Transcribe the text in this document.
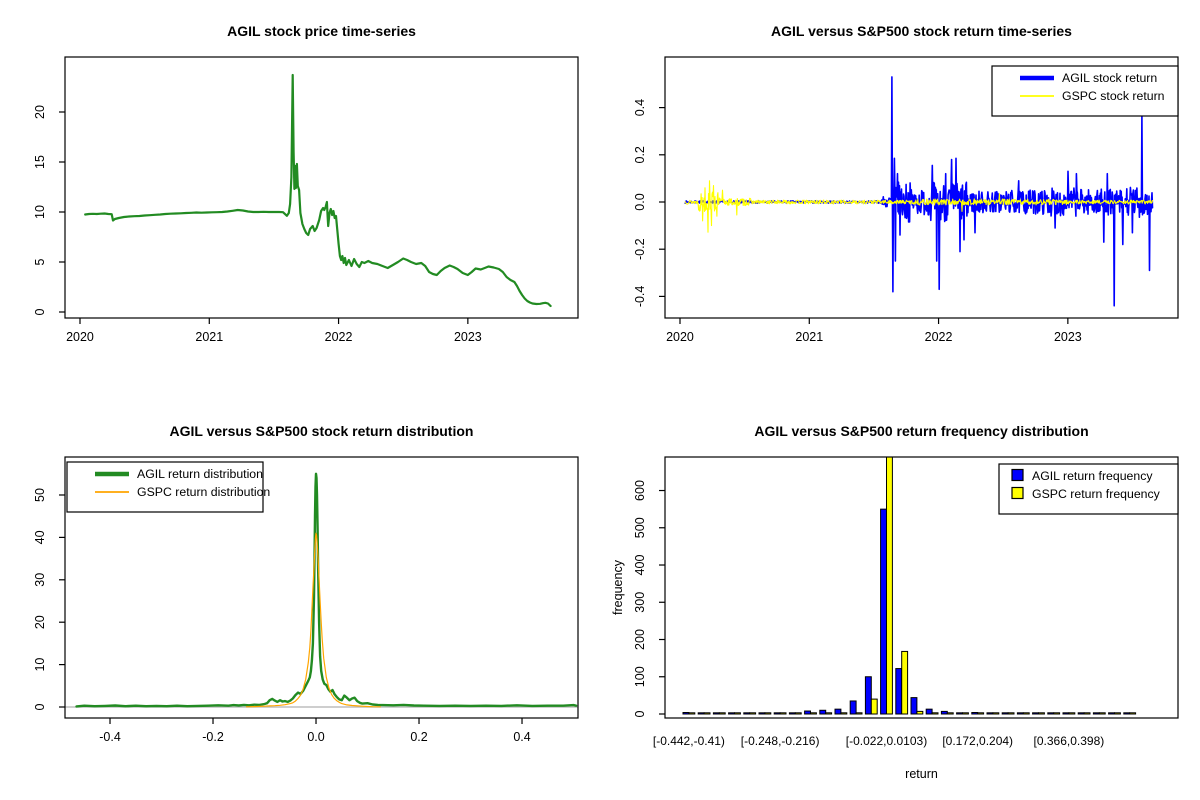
AGIL stock price time-series
2020	2021	2022	2023
0
5
10
15
20
AGIL versus S&P500 stock return time-series
2020	2021	2022	2023
-0.4
-0.2
0.0
0.2
0.4
AGIL stock return
GSPC stock return
AGIL versus S&P500 stock return distribution
-0.4	-0.2	0.0	0.2	0.4
0
10
20
30
40
50
AGIL return distribution
GSPC return distribution
AGIL versus S&P500 return frequency distribution
0
100
200
300
400
500
600
[-0.442,-0.41) [-0.248,-0.216) [-0.022,0.0103) [0.172,0.204) [0.366,0.398)
return
frequency
AGIL return frequency
GSPC return frequency
